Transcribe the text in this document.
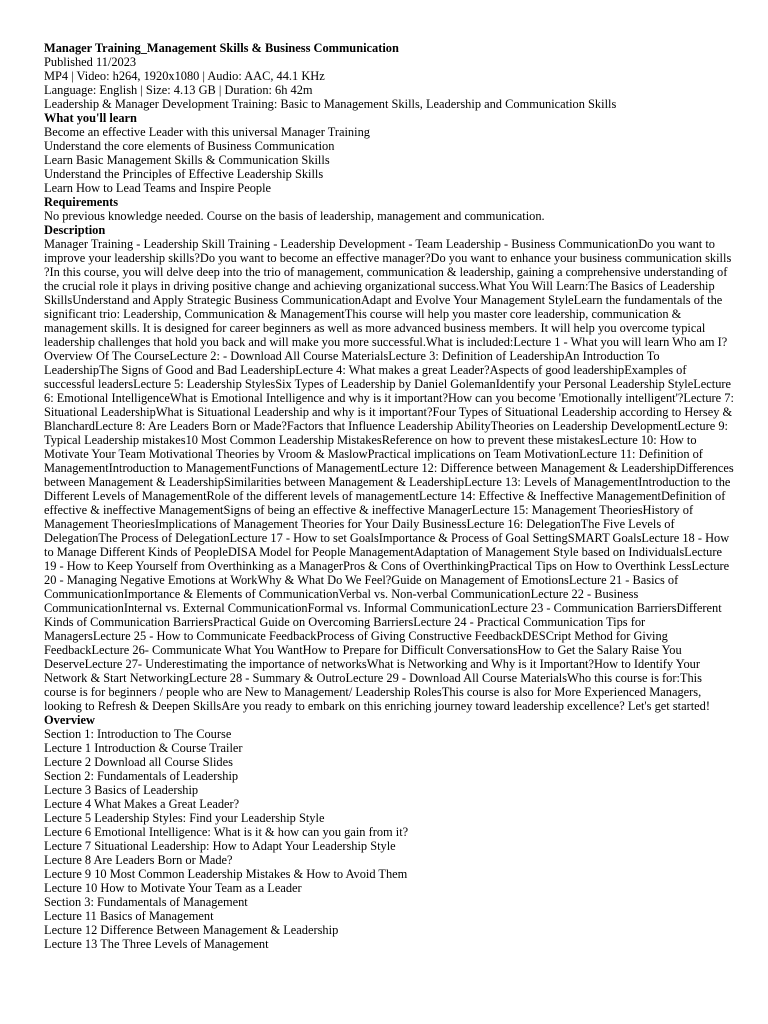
Manager Training_Management Skills & Business Communication
Published 11/2023
MP4 | Video: h264, 1920x1080 | Audio: AAC, 44.1 KHz
Language: English | Size: 4.13 GB | Duration: 6h 42m
Leadership & Manager Development Training: Basic to Management Skills, Leadership and Communication Skills
What you'll learn
Become an effective Leader with this universal Manager Training
Understand the core elements of Business Communication
Learn Basic Management Skills & Communication Skills
Understand the Principles of Effective Leadership Skills
Learn How to Lead Teams and Inspire People
Requirements
No previous knowledge needed. Course on the basis of leadership, management and communication.
Description
Manager Training - Leadership Skill Training - Leadership Development - Team Leadership - Business CommunicationDo you want to improve your leadership skills?Do you want to become an effective manager?Do you want to enhance your business communication skills ?In this course, you will delve deep into the trio of management, communication & leadership, gaining a comprehensive understanding of the crucial role it plays in driving positive change and achieving organizational success.What You Will Learn:The Basics of Leadership SkillsUnderstand and Apply Strategic Business CommunicationAdapt and Evolve Your Management StyleLearn the fundamentals of the significant trio: Leadership, Communication & ManagementThis course will help you master core leadership, communication & management skills. It is designed for career beginners as well as more advanced business members. It will help you overcome typical leadership challenges that hold you back and will make you more successful.What is included:Lecture 1 - What you will learn Who am I?Overview Of The CourseLecture 2: - Download All Course MaterialsLecture 3: Definition of LeadershipAn Introduction To LeadershipThe Signs of Good and Bad LeadershipLecture 4: What makes a great Leader?Aspects of good leadershipExamples of successful leadersLecture 5: Leadership StylesSix Types of Leadership by Daniel GolemanIdentify your Personal Leadership StyleLecture 6: Emotional IntelligenceWhat is Emotional Intelligence and why is it important?How can you become 'Emotionally intelligent'?Lecture 7: Situational LeadershipWhat is Situational Leadership and why is it important?Four Types of Situational Leadership according to Hersey & BlanchardLecture 8: Are Leaders Born or Made?Factors that Influence Leadership AbilityTheories on Leadership DevelopmentLecture 9: Typical Leadership mistakes10 Most Common Leadership MistakesReference on how to prevent these mistakesLecture 10: How to Motivate Your Team Motivational Theories by Vroom & MaslowPractical implications on Team MotivationLecture 11: Definition of ManagementIntroduction to ManagementFunctions of ManagementLecture 12: Difference between Management & LeadershipDifferences between Management & LeadershipSimilarities between Management & LeadershipLecture 13: Levels of ManagementIntroduction to the Different Levels of ManagementRole of the different levels of managementLecture 14: Effective & Ineffective ManagementDefinition of effective & ineffective ManagementSigns of being an effective & ineffective ManagerLecture 15: Management TheoriesHistory of Management TheoriesImplications of Management Theories for Your Daily BusinessLecture 16: DelegationThe Five Levels of DelegationThe Process of DelegationLecture 17 - How to set GoalsImportance & Process of Goal SettingSMART GoalsLecture 18 - How to Manage Different Kinds of PeopleDISA Model for People ManagementAdaptation of Management Style based on IndividualsLecture 19 - How to Keep Yourself from Overthinking as a ManagerPros & Cons of OverthinkingPractical Tips on How to Overthink LessLecture 20 - Managing Negative Emotions at WorkWhy & What Do We Feel?Guide on Management of EmotionsLecture 21 - Basics of CommunicationImportance & Elements of CommunicationVerbal vs. Non-verbal CommunicationLecture 22 - Business CommunicationInternal vs. External CommunicationFormal vs. Informal CommunicationLecture 23 - Communication BarriersDifferent Kinds of Communication BarriersPractical Guide on Overcoming BarriersLecture 24 - Practical Communication Tips for ManagersLecture 25 - How to Communicate FeedbackProcess of Giving Constructive FeedbackDESCript Method for Giving FeedbackLecture 26- Communicate What You WantHow to Prepare for Difficult ConversationsHow to Get the Salary Raise You DeserveLecture 27- Underestimating the importance of networksWhat is Networking and Why is it Important?How to Identify Your Network & Start NetworkingLecture 28 - Summary & OutroLecture 29 - Download All Course MaterialsWho this course is for:This course is for beginners / people who are New to Management/ Leadership RolesThis course is also for More Experienced Managers, looking to Refresh & Deepen SkillsAre you ready to embark on this enriching journey toward leadership excellence? Let's get started!
Overview
Section 1: Introduction to The Course
Lecture 1 Introduction & Course Trailer
Lecture 2 Download all Course Slides
Section 2: Fundamentals of Leadership
Lecture 3 Basics of Leadership
Lecture 4 What Makes a Great Leader?
Lecture 5 Leadership Styles: Find your Leadership Style
Lecture 6 Emotional Intelligence: What is it & how can you gain from it?
Lecture 7 Situational Leadership: How to Adapt Your Leadership Style
Lecture 8 Are Leaders Born or Made?
Lecture 9 10 Most Common Leadership Mistakes & How to Avoid Them
Lecture 10 How to Motivate Your Team as a Leader
Section 3: Fundamentals of Management
Lecture 11 Basics of Management
Lecture 12 Difference Between Management & Leadership
Lecture 13 The Three Levels of Management
